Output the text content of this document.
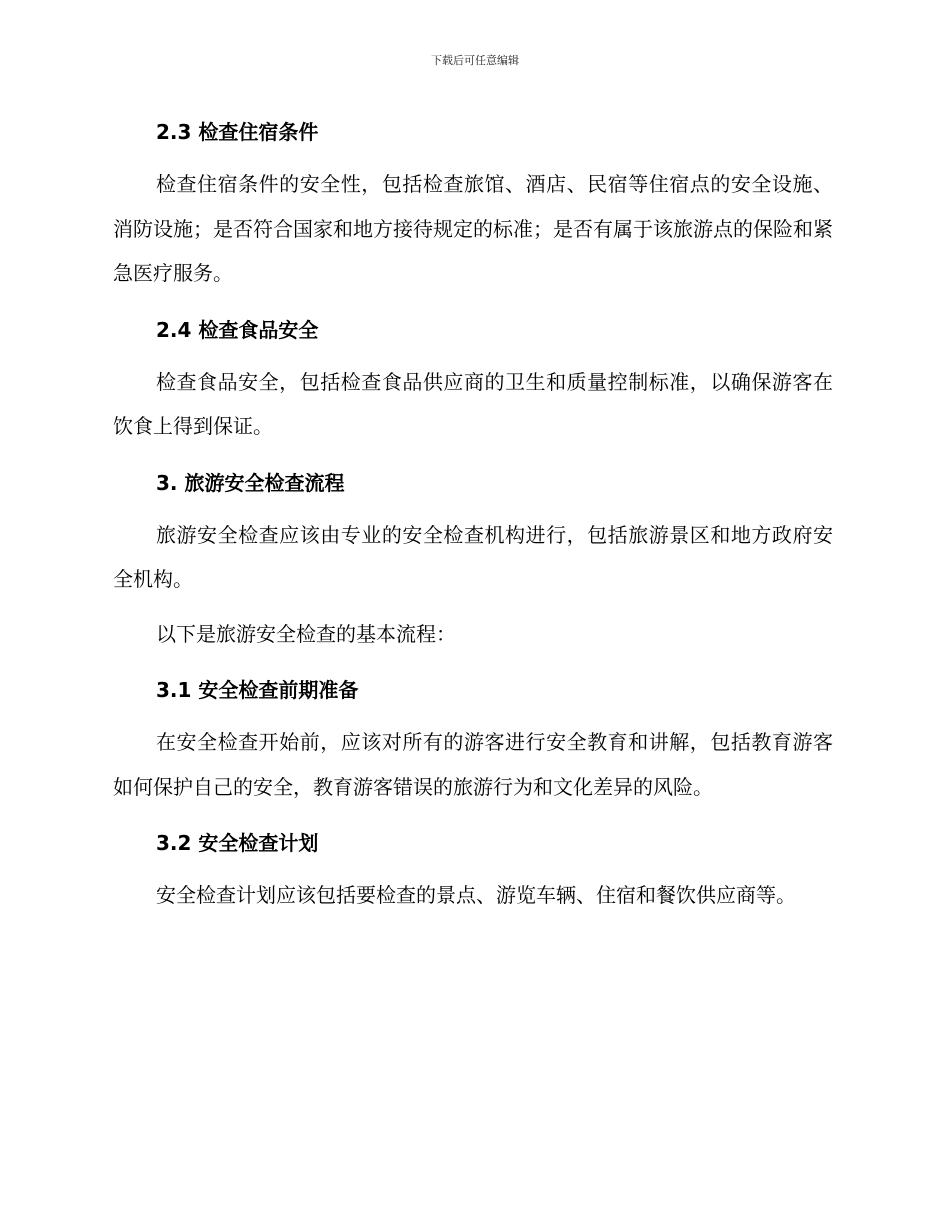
下载后可任意编辑
2.3 检查住宿条件

检查住宿条件的安全性，包括检查旅馆、酒店、民宿等住宿点的安全设施、消防设施；是否符合国家和地方接待规定的标准；是否有属于该旅游点的保险和紧急医疗服务。

2.4 检查食品安全

检查食品安全，包括检查食品供应商的卫生和质量控制标准，以确保游客在饮食上得到保证。

3. 旅游安全检查流程

旅游安全检查应该由专业的安全检查机构进行，包括旅游景区和地方政府安全机构。

以下是旅游安全检查的基本流程：

3.1 安全检查前期准备

在安全检查开始前，应该对所有的游客进行安全教育和讲解，包括教育游客如何保护自己的安全，教育游客错误的旅游行为和文化差异的风险。

3.2 安全检查计划

安全检查计划应该包括要检查的景点、游览车辆、住宿和餐饮供应商等。
